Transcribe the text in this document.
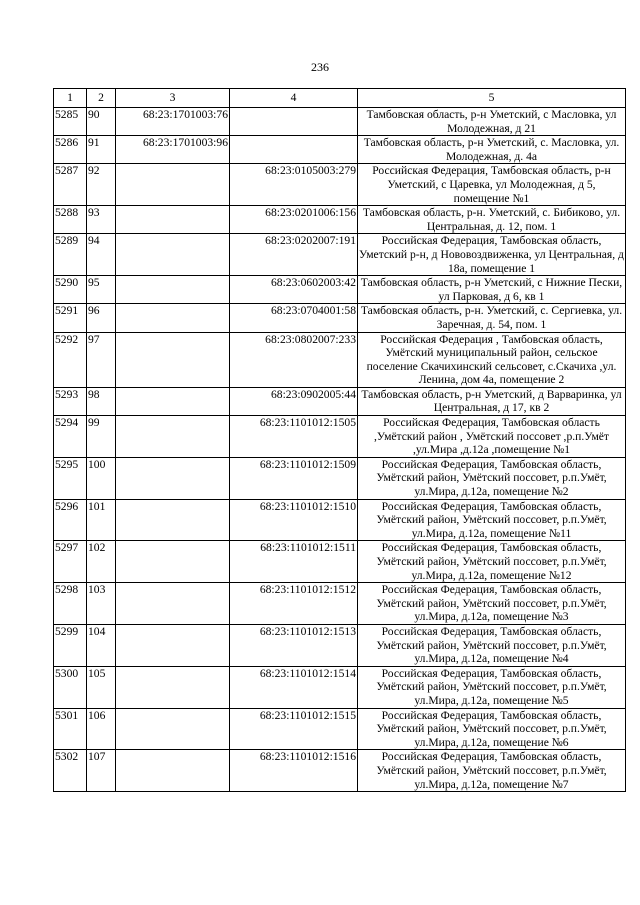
236
1	2	3	4	5
5285	90	68:23:1701003:76		Тамбовская область, р-н Уметский, с Масловка, ул Молодежная, д 21
5286	91	68:23:1701003:96		Тамбовская область, р-н Уметский, с. Масловка, ул. Молодежная, д. 4а
5287	92		68:23:0105003:279	Российская Федерация, Тамбовская область, р-н Уметский, с Царевка, ул Молодежная, д 5, помещение №1
5288	93		68:23:0201006:156	Тамбовская область, р-н. Уметский, с. Бибиково, ул. Центральная, д. 12, пом. 1
5289	94		68:23:0202007:191	Российская Федерация, Тамбовская область, Уметский р-н, д Нововоздвиженка, ул Центральная, д 18а, помещение 1
5290	95		68:23:0602003:42	Тамбовская область, р-н Уметский, с Нижние Пески, ул Парковая, д 6, кв 1
5291	96		68:23:0704001:58	Тамбовская область, р-н. Уметский, с. Сергиевка, ул. Заречная, д. 54, пом. 1
5292	97		68:23:0802007:233	Российская Федерация , Тамбовская область, Умётский муниципальный район, сельское поселение Скачихинский сельсовет, с.Скачиха ,ул. Ленина, дом 4а, помещение 2
5293	98		68:23:0902005:44	Тамбовская область, р-н Уметский, д Варваринка, ул Центральная, д 17, кв 2
5294	99		68:23:1101012:1505	Российская Федерация, Тамбовская область ,Умётский район , Умётский поссовет ,р.п.Умёт ,ул.Мира ,д.12а ,помещение №1
5295	100		68:23:1101012:1509	Российская Федерация, Тамбовская область, Умётский район, Умётский поссовет, р.п.Умёт, ул.Мира, д.12а, помещение №2
5296	101		68:23:1101012:1510	Российская Федерация, Тамбовская область, Умётский район, Умётский поссовет, р.п.Умёт, ул.Мира, д.12а, помещение №11
5297	102		68:23:1101012:1511	Российская Федерация, Тамбовская область, Умётский район, Умётский поссовет, р.п.Умёт, ул.Мира, д.12а, помещение №12
5298	103		68:23:1101012:1512	Российская Федерация, Тамбовская область, Умётский район, Умётский поссовет, р.п.Умёт, ул.Мира, д.12а, помещение №3
5299	104		68:23:1101012:1513	Российская Федерация, Тамбовская область, Умётский район, Умётский поссовет, р.п.Умёт, ул.Мира, д.12а, помещение №4
5300	105		68:23:1101012:1514	Российская Федерация, Тамбовская область, Умётский район, Умётский поссовет, р.п.Умёт, ул.Мира, д.12а, помещение №5
5301	106		68:23:1101012:1515	Российская Федерация, Тамбовская область, Умётский район, Умётский поссовет, р.п.Умёт, ул.Мира, д.12а, помещение №6
5302	107		68:23:1101012:1516	Российская Федерация, Тамбовская область, Умётский район, Умётский поссовет, р.п.Умёт, ул.Мира, д.12а, помещение №7
